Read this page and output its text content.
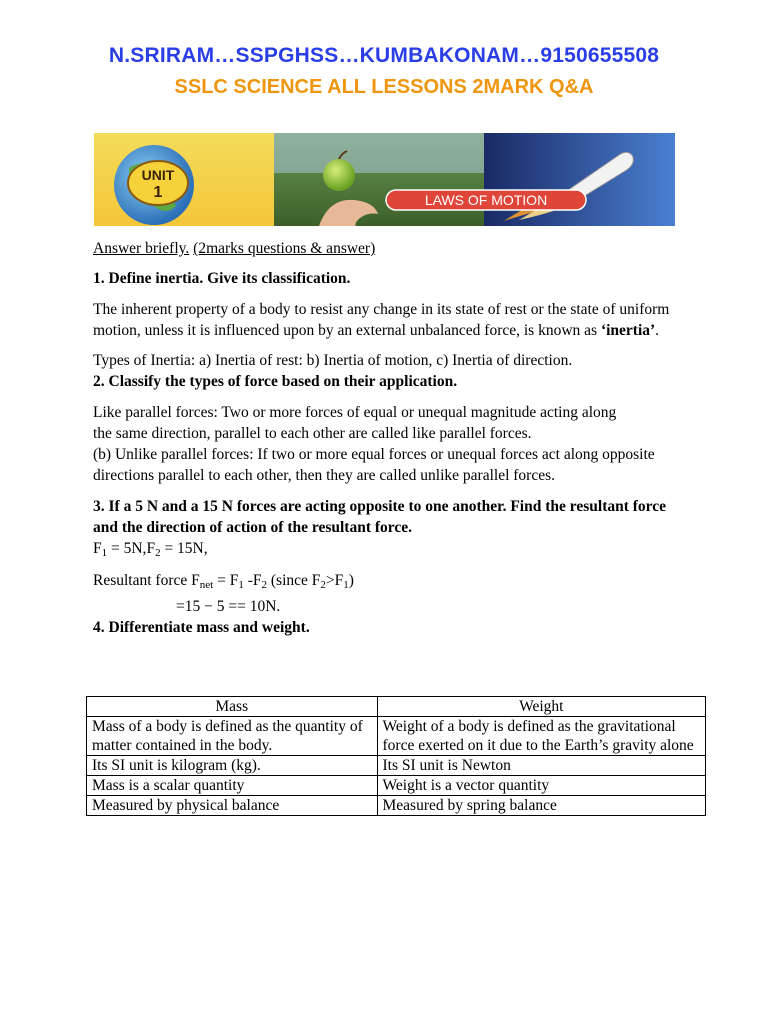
N.SRIRAM…SSPGHSS…KUMBAKONAM…9150655508
SSLC SCIENCE ALL LESSONS 2MARK Q&A
UNIT
1	LAWS OF MOTION

Answer briefly. (2marks questions & answer)

1. Define inertia. Give its classification.

The inherent property of a body to resist any change in its state of rest or the state of uniform motion, unless it is influenced upon by an external unbalanced force, is known as ‘inertia’.

Types of Inertia: a) Inertia of rest: b) Inertia of motion, c) Inertia of direction.

2. Classify the types of force based on their application.

Like parallel forces: Two or more forces of equal or unequal magnitude acting along

the same direction, parallel to each other are called like parallel forces.

(b) Unlike parallel forces: If two or more equal forces or unequal forces act along opposite directions parallel to each other, then they are called unlike parallel forces.

3. If a 5 N and a 15 N forces are acting opposite to one another. Find the resultant force and the direction of action of the resultant force.

$F_1 = 5N,F_2 = 15N$,

Resultant force $F_{net} = F_1$ $-F_2$ (since $F_2>F_1$)

=15 − 5 == 10N.

4. Differentiate mass and weight.

Mass	Weight
Mass of a body is defined as the quantity of matter contained in the body.	Weight of a body is defined as the gravitational force exerted on it due to the Earth’s gravity alone
Its SI unit is kilogram (kg).	Its SI unit is Newton
Mass is a scalar quantity	Weight is a vector quantity
Measured by physical balance	Measured by spring balance
